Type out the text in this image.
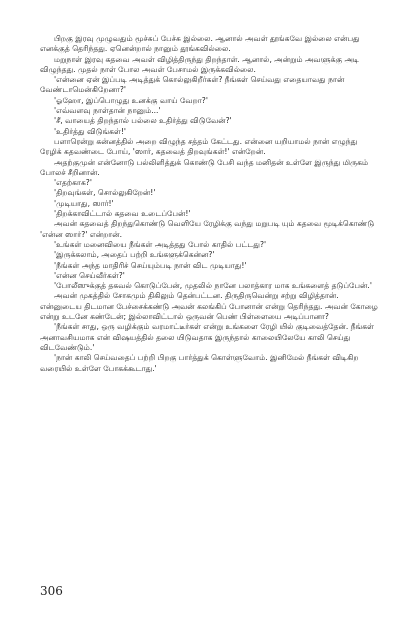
பிறகு இரவு முழுவதும் மூச்சுப் பேச்சு இல்லை. ஆனால் அவள் தூங்கவே இல்லை என்பது எனக்குத் தெரிந்தது. ஏனென்றால் நானும் தூங்கவில்லை.

மறுநாள் இரவு கதவை அவள் விழித்திருந்து திறந்தாள். ஆனால், அன்றும் அவளுக்கு அடி விழுந்தது. முதல் நாள் போல அவள் பேசாமல் இருக்கவில்லை.

'என்னை ஏன் இப்படி அடித்துக் கொல்லுகிறீர்கள்? நீங்கள் செய்வது எதையாவது நான் வேண்டாமென்கிறேனா?'

'ஓஹோ, இப்பொழுது உனக்கு வாய் வேறா?'

'எவ்வளவு நாள்தான் நானும்...'

'சீ, வாயைத் திறந்தால் பல்லை உதிர்த்து விடுவேன்?'

'உதிர்த்து விடுங்கள்!'

பளாரென்று கன்னத்தில் அறை விழுந்த சத்தம் கேட்டது. என்னை யறியாமல் நான் எழுந்து ரேழிக் கதவண்டை போய், 'ஸார், கதவைத் திறவுங்கள்!' என்றேன்.

அதற்குமுன் என்னோடு பல்லிளித்துக் கொண்டு பேசி வந்த மனிதன் உள்ளே இருந்து மிருகம் போலச் சீறினான்.

'எதற்காக?'

'திறவுங்கள், சொல்லுகிறேன்!'

'முடியாது, ஸார்!'

'திறக்காவிட்டால் கதவை உடைப்பேன்!'

அவன் கதவைத் திறந்துகொண்டு வெளியே ரேழிக்கு வந்து மறுபடி யும் கதவை மூடிக்கொண்டு 'என்ன ஸார்?' என்றான்.

'உங்கள் மனைவியை நீங்கள் அடித்தது போல் காதில் பட்டது?'

'இருக்கலாம், அதைப் பற்றி உங்களுக்கென்ன?'

'நீங்கள் அந்த மாதிரிச் செய்யும்படி நான் விட முடியாது!'

'என்ன செய்வீர்கள்?'

'போலீஸுக்குத் தகவல் கொடுப்பேன், முதலில் நானே பலாத்கார மாக உங்களைத் தடுப்பேன்.'

அவன் முகத்தில் சோகமும் திகிலும் தென்பட்டன. திருதிருவென்று சற்று விழித்தான். என்னுடைய திடமான பேச்சைக்கண்டு அவன் கலங்கிப் போனான் என்று தெரிந்தது. அவன் கோழை என்று உடனே கண்டேன்; இல்லாவிட்டால் ஒருவன் பெண் பிள்ளையை அடிப்பானா?

'நீங்கள் சாது, ஒரு வழிக்கும் வரமாட்டீர்கள் என்று உங்களை ரேழி யில் குடிவைத்தேன். நீங்கள் அனாவசியமாக என் விஷயத்தில் தலை யிடுவதாக இருந்தால் காலையிலேயே காலி செய்து விடவேண்டும்.'

'நான் காலி செய்வதைப் பற்றி பிறகு பார்த்துக் கொள்ளுவோம். இனிமேல் நீங்கள் விடிகிற வரையில் உள்ளே போகக்கூடாது.'

306
